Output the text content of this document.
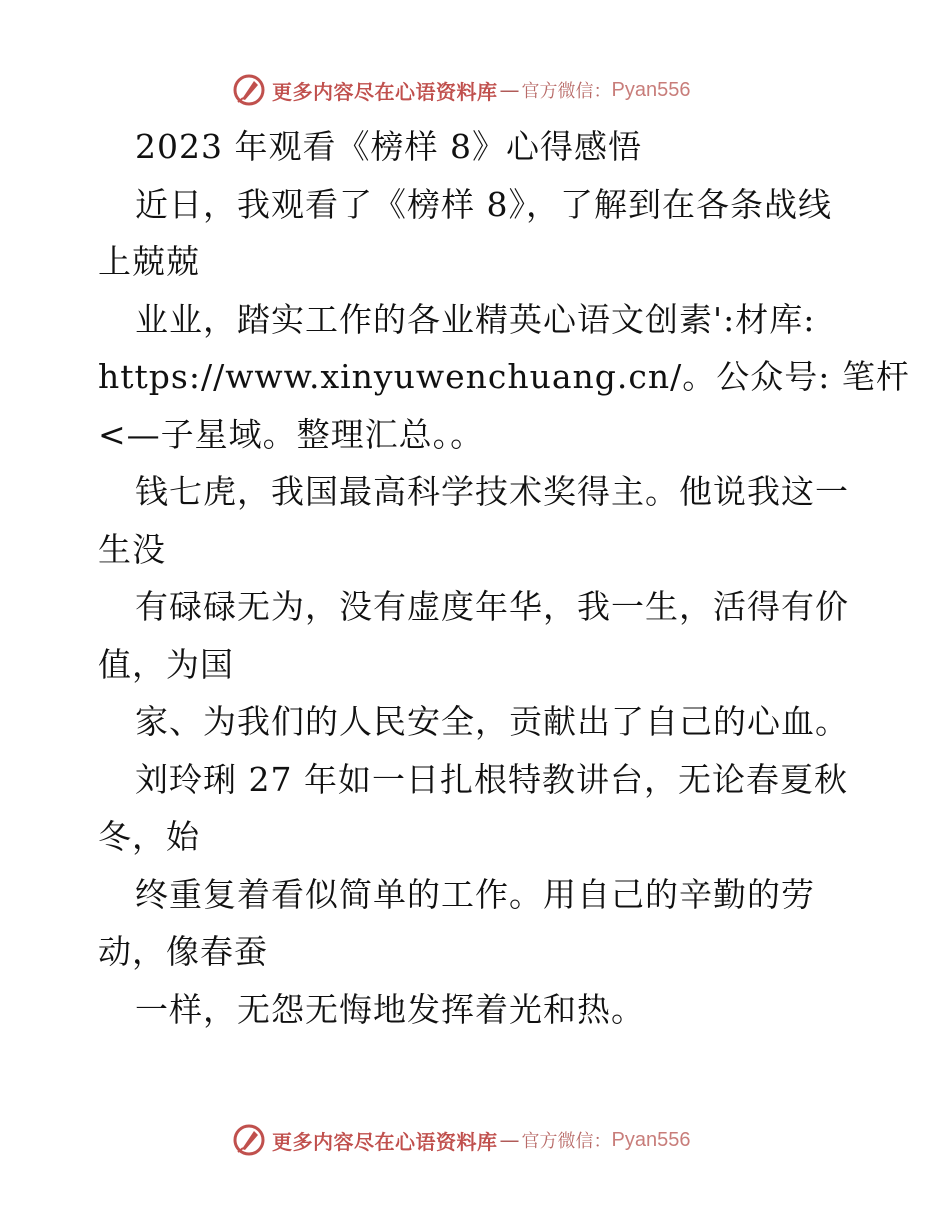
更多内容尽在心语资料库 — 官方微信： Pyan556
2023 年观看《榜样 8》心得感悟
近日，我观看了《榜样 8》，了解到在各条战线
上兢兢
业业，踏实工作的各业精英心语文创素':材库:
https://www.xinyuwenchuang.cn/。公众号: 笔杆
<—子星域。整理汇总。。
钱七虎，我国最高科学技术奖得主。他说我这一
生没
有碌碌无为，没有虚度年华，我一生，活得有价
值，为国
家、为我们的人民安全，贡献出了自己的心血。
刘玲琍 27 年如一日扎根特教讲台，无论春夏秋
冬，始
终重复着看似简单的工作。用自己的辛勤的劳
动，像春蚕
一样，无怨无悔地发挥着光和热。
更多内容尽在心语资料库 — 官方微信： Pyan556
